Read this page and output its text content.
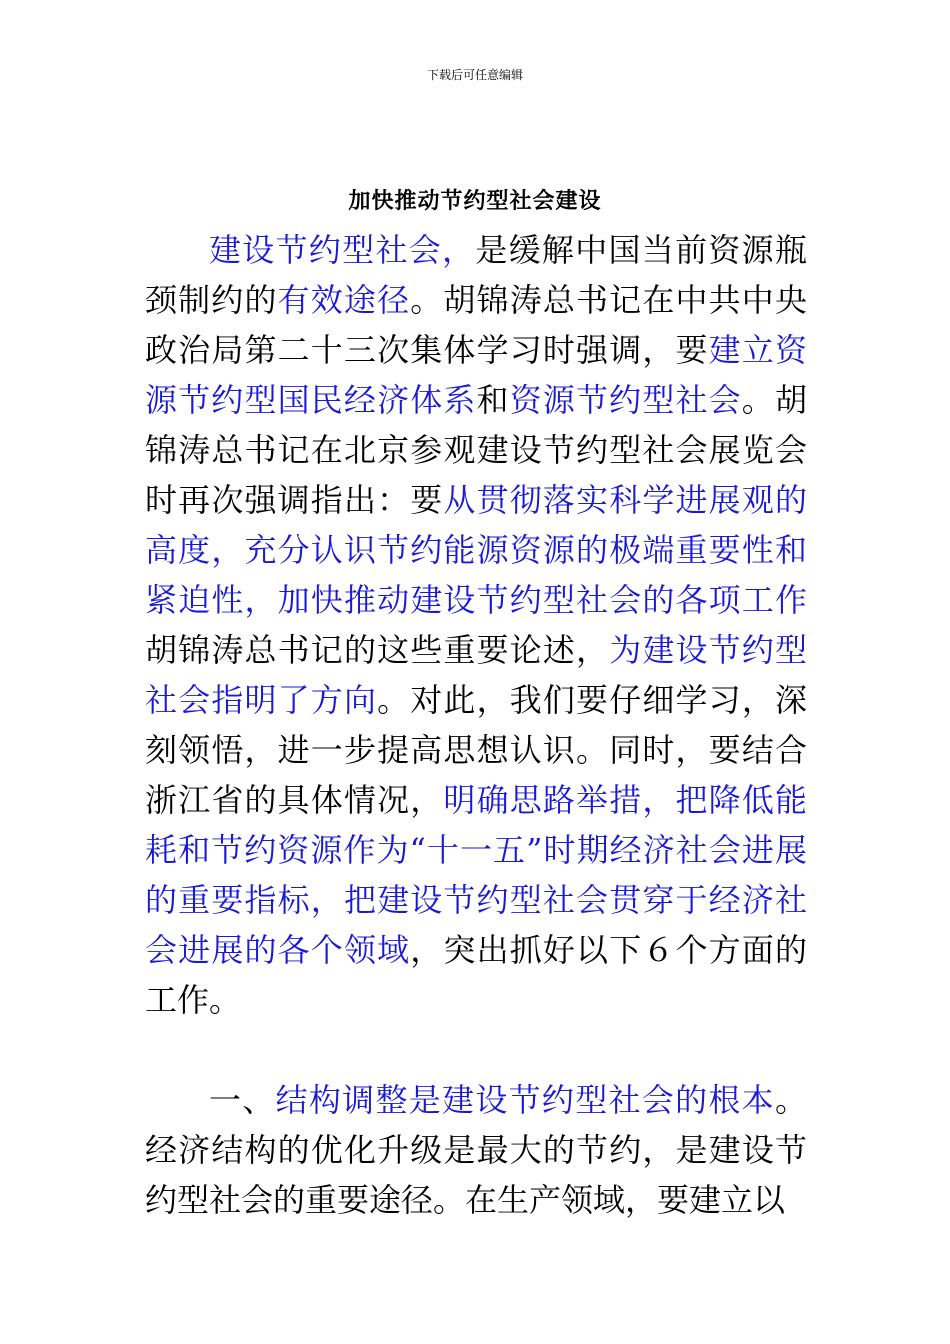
下载后可任意编辑
加快推动节约型社会建设

建设节约型社会，是缓解中国当前资源瓶颈制约的有效途径。胡锦涛总书记在中共中央政治局第二十三次集体学习时强调，要建立资源节约型国民经济体系和资源节约型社会。胡锦涛总书记在北京参观建设节约型社会展览会时再次强调指出：要从贯彻落实科学进展观的高度，充分认识节约能源资源的极端重要性和紧迫性，加快推动建设节约型社会的各项工作胡锦涛总书记的这些重要论述，为建设节约型社会指明了方向。对此，我们要仔细学习，深刻领悟，进一步提高思想认识。同时，要结合浙江省的具体情况，明确思路举措，把降低能耗和节约资源作为“十一五”时期经济社会进展的重要指标，把建设节约型社会贯穿于经济社会进展的各个领域，突出抓好以下６个方面的工作。

一、结构调整是建设节约型社会的根本。经济结构的优化升级是最大的节约，是建设节约型社会的重要途径。在生产领域，要建立以
